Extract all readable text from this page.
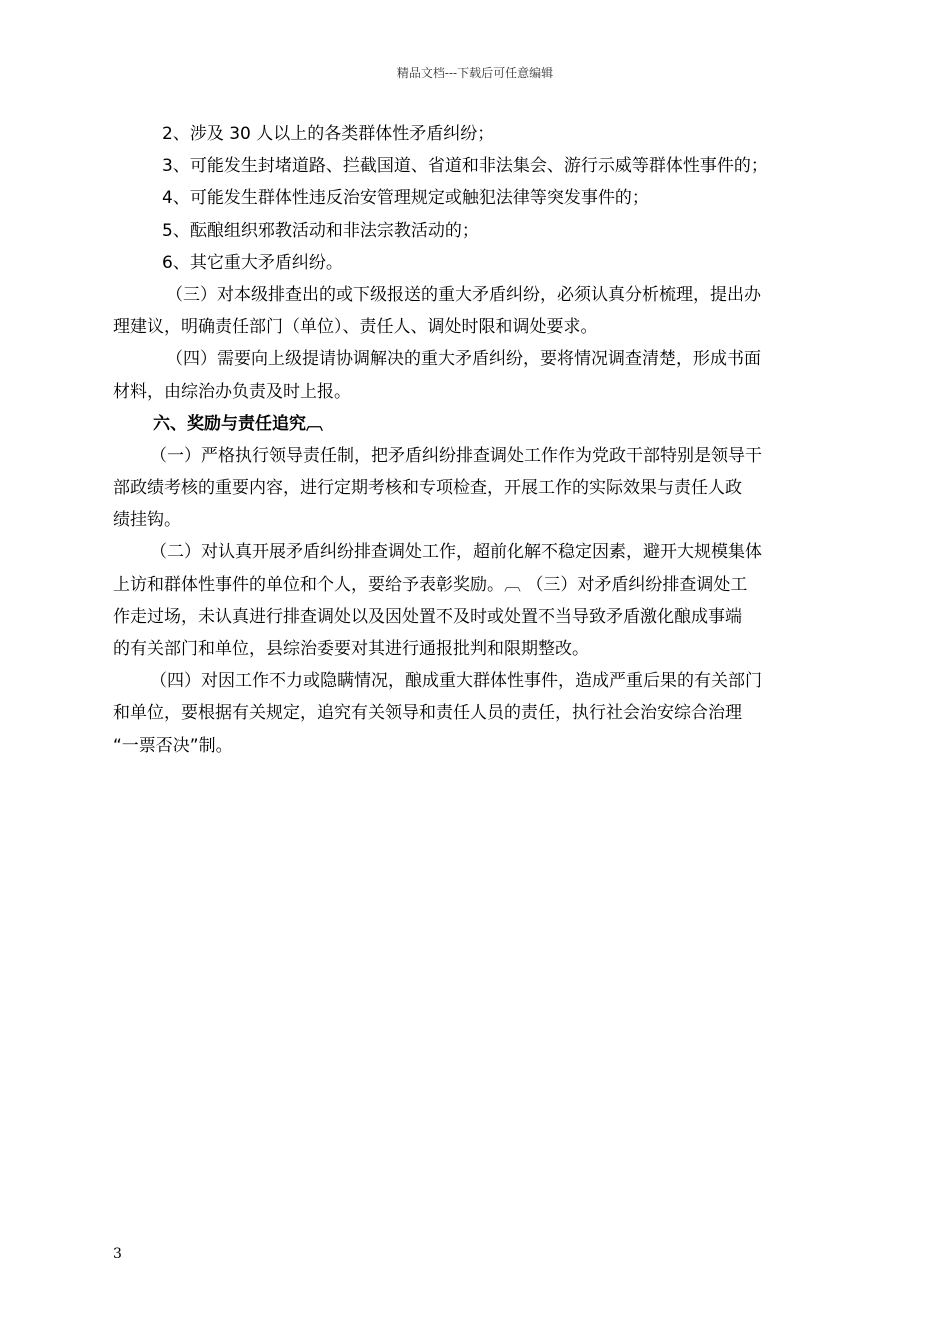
精品文档---下载后可任意编辑
2、涉及 30 人以上的各类群体性矛盾纠纷；
3、可能发生封堵道路、拦截国道、省道和非法集会、游行示威等群体性事件的；
4、可能发生群体性违反治安管理规定或触犯法律等突发事件的；
5、酝酿组织邪教活动和非法宗教活动的；
6、其它重大矛盾纠纷。
（三）对本级排查出的或下级报送的重大矛盾纠纷，必须认真分析梳理，提出办
理建议，明确责任部门（单位）、责任人、调处时限和调处要求。
（四）需要向上级提请协调解决的重大矛盾纠纷，要将情况调查清楚，形成书面
材料，由综治办负责及时上报。
六、奖励与责任追究︹
（一）严格执行领导责任制，把矛盾纠纷排查调处工作作为党政干部特别是领导干
部政绩考核的重要内容，进行定期考核和专项检查，开展工作的实际效果与责任人政
绩挂钩。
（二）对认真开展矛盾纠纷排查调处工作，超前化解不稳定因素，避开大规模集体
上访和群体性事件的单位和个人，要给予表彰奖励。︹ （三）对矛盾纠纷排查调处工
作走过场，未认真进行排查调处以及因处置不及时或处置不当导致矛盾激化酿成事端
的有关部门和单位，县综治委要对其进行通报批判和限期整改。
（四）对因工作不力或隐瞒情况，酿成重大群体性事件，造成严重后果的有关部门
和单位，要根据有关规定，追究有关领导和责任人员的责任，执行社会治安综合治理
“一票否决”制。
3
